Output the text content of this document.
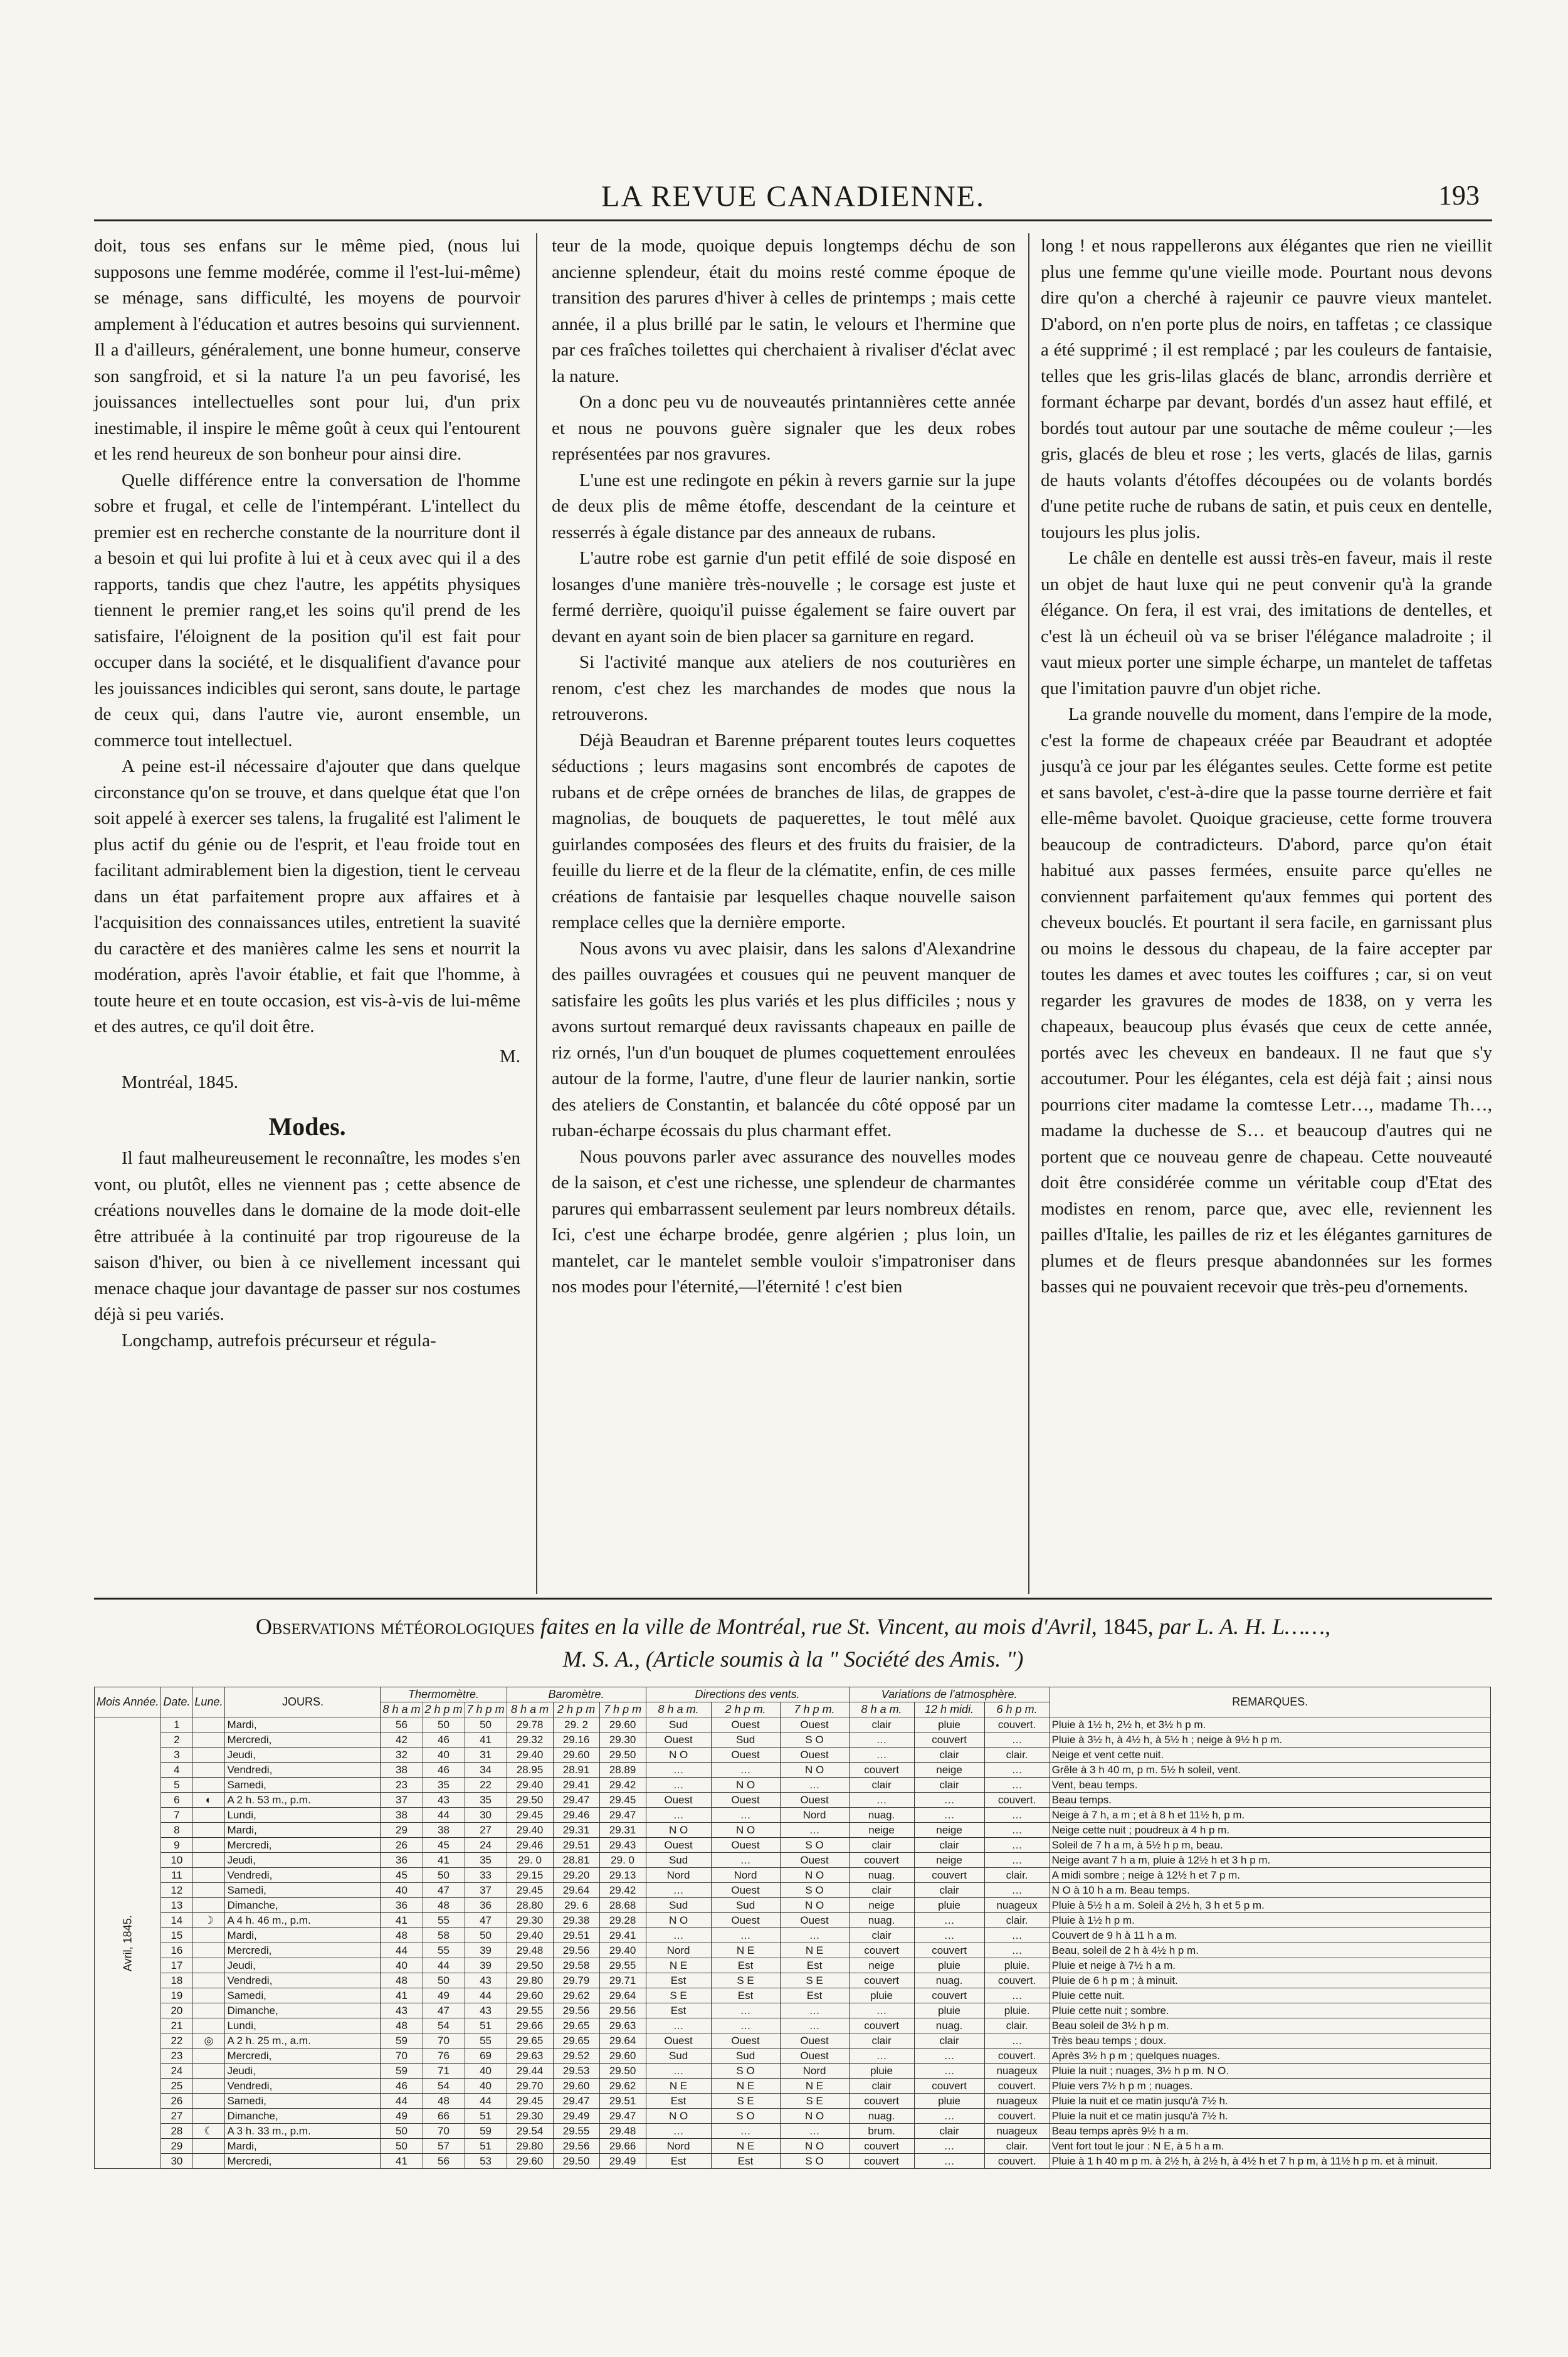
LA REVUE CANADIENNE.	193

doit, tous ses enfans sur le même pied, (nous lui supposons une femme modérée, comme il l'est-lui-même) se ménage, sans difficulté, les moyens de pourvoir amplement à l'éducation et autres besoins qui surviennent. Il a d'ailleurs, généralement, une bonne humeur, conserve son sangfroid, et si la nature l'a un peu favorisé, les jouissances intellectuelles sont pour lui, d'un prix inestimable, il inspire le même goût à ceux qui l'entourent et les rend heureux de son bonheur pour ainsi dire.

Quelle différence entre la conversation de l'homme sobre et frugal, et celle de l'intempérant. L'intellect du premier est en recherche constante de la nourriture dont il a besoin et qui lui profite à lui et à ceux avec qui il a des rapports, tandis que chez l'autre, les appétits physiques tiennent le premier rang,et les soins qu'il prend de les satisfaire, l'éloignent de la position qu'il est fait pour occuper dans la société, et le disqualifient d'avance pour les jouissances indicibles qui seront, sans doute, le partage de ceux qui, dans l'autre vie, auront ensemble, un commerce tout intellectuel.

A peine est-il nécessaire d'ajouter que dans quelque circonstance qu'on se trouve, et dans quelque état que l'on soit appelé à exercer ses talens, la frugalité est l'aliment le plus actif du génie ou de l'esprit, et l'eau froide tout en facilitant admirablement bien la digestion, tient le cerveau dans un état parfaitement propre aux affaires et à l'acquisition des connaissances utiles, entretient la suavité du caractère et des manières calme les sens et nourrit la modération, après l'avoir établie, et fait que l'homme, à toute heure et en toute occasion, est vis-à-vis de lui-même et des autres, ce qu'il doit être.

M.

Montréal, 1845.

Modes.

Il faut malheureusement le reconnaître, les modes s'en vont, ou plutôt, elles ne viennent pas ; cette absence de créations nouvelles dans le domaine de la mode doit-elle être attribuée à la continuité par trop rigoureuse de la saison d'hiver, ou bien à ce nivellement incessant qui menace chaque jour davantage de passer sur nos costumes déjà si peu variés.

Longchamp, autrefois précurseur et régula-

teur de la mode, quoique depuis longtemps déchu de son ancienne splendeur, était du moins resté comme époque de transition des parures d'hiver à celles de printemps ; mais cette année, il a plus brillé par le satin, le velours et l'hermine que par ces fraîches toilettes qui cherchaient à rivaliser d'éclat avec la nature.

On a donc peu vu de nouveautés printannières cette année et nous ne pouvons guère signaler que les deux robes représentées par nos gravures.

L'une est une redingote en pékin à revers garnie sur la jupe de deux plis de même étoffe, descendant de la ceinture et resserrés à égale distance par des anneaux de rubans.

L'autre robe est garnie d'un petit effilé de soie disposé en losanges d'une manière très-nouvelle ; le corsage est juste et fermé derrière, quoiqu'il puisse également se faire ouvert par devant en ayant soin de bien placer sa garniture en regard.

Si l'activité manque aux ateliers de nos couturières en renom, c'est chez les marchandes de modes que nous la retrouverons.

Déjà Beaudran et Barenne préparent toutes leurs coquettes séductions ; leurs magasins sont encombrés de capotes de rubans et de crêpe ornées de branches de lilas, de grappes de magnolias, de bouquets de paquerettes, le tout mêlé aux guirlandes composées des fleurs et des fruits du fraisier, de la feuille du lierre et de la fleur de la clématite, enfin, de ces mille créations de fantaisie par lesquelles chaque nouvelle saison remplace celles que la dernière emporte.

Nous avons vu avec plaisir, dans les salons d'Alexandrine des pailles ouvragées et cousues qui ne peuvent manquer de satisfaire les goûts les plus variés et les plus difficiles ; nous y avons surtout remarqué deux ravissants chapeaux en paille de riz ornés, l'un d'un bouquet de plumes coquettement enroulées autour de la forme, l'autre, d'une fleur de laurier nankin, sortie des ateliers de Constantin, et balancée du côté opposé par un ruban-écharpe écossais du plus charmant effet.

Nous pouvons parler avec assurance des nouvelles modes de la saison, et c'est une richesse, une splendeur de charmantes parures qui embarrassent seulement par leurs nombreux détails. Ici, c'est une écharpe brodée, genre algérien ; plus loin, un mantelet, car le mantelet semble vouloir s'impatroniser dans nos modes pour l'éternité,—l'éternité ! c'est bien

long ! et nous rappellerons aux élégantes que rien ne vieillit plus une femme qu'une vieille mode. Pourtant nous devons dire qu'on a cherché à rajeunir ce pauvre vieux mantelet. D'abord, on n'en porte plus de noirs, en taffetas ; ce classique a été supprimé ; il est remplacé ; par les couleurs de fantaisie, telles que les gris-lilas glacés de blanc, arrondis derrière et formant écharpe par devant, bordés d'un assez haut effilé, et bordés tout autour par une soutache de même couleur ;—les gris, glacés de bleu et rose ; les verts, glacés de lilas, garnis de hauts volants d'étoffes découpées ou de volants bordés d'une petite ruche de rubans de satin, et puis ceux en dentelle, toujours les plus jolis.

Le châle en dentelle est aussi très-en faveur, mais il reste un objet de haut luxe qui ne peut convenir qu'à la grande élégance. On fera, il est vrai, des imitations de dentelles, et c'est là un écheuil où va se briser l'élégance maladroite ; il vaut mieux porter une simple écharpe, un mantelet de taffetas que l'imitation pauvre d'un objet riche.

La grande nouvelle du moment, dans l'empire de la mode, c'est la forme de chapeaux créée par Beaudrant et adoptée jusqu'à ce jour par les élégantes seules. Cette forme est petite et sans bavolet, c'est-à-dire que la passe tourne derrière et fait elle-même bavolet. Quoique gracieuse, cette forme trouvera beaucoup de contradicteurs. D'abord, parce qu'on était habitué aux passes fermées, ensuite parce qu'elles ne conviennent parfaitement qu'aux femmes qui portent des cheveux bouclés. Et pourtant il sera facile, en garnissant plus ou moins le dessous du chapeau, de la faire accepter par toutes les dames et avec toutes les coiffures ; car, si on veut regarder les gravures de modes de 1838, on y verra les chapeaux, beaucoup plus évasés que ceux de cette année, portés avec les cheveux en bandeaux. Il ne faut que s'y accoutumer. Pour les élégantes, cela est déjà fait ; ainsi nous pourrions citer madame la comtesse Letr…, madame Th…, madame la duchesse de S… et beaucoup d'autres qui ne portent que ce nouveau genre de chapeau. Cette nouveauté doit être considérée comme un véritable coup d'Etat des modistes en renom, parce que, avec elle, reviennent les pailles d'Italie, les pailles de riz et les élégantes garnitures de plumes et de fleurs presque abandonnées sur les formes basses qui ne pouvaient recevoir que très-peu d'ornements.

Observations météorologiques faites en la ville de Montréal, rue St. Vincent, au mois d'Avril, 1845, par L. A. H. L……,
M. S. A., (Article soumis à la " Société des Amis. ")
Mois Année.	Date.	Lune.	JOURS.	Thermomètre.			Baromètre.			Directions des vents.			Variations de l'atmosphère.			REMARQUES.
				8 h a m	2 h p m	7 h p m	8 h a m	2 h p m	7 h p m	8 h a m.	2 h p m.	7 h p m.	8 h a m.	12 h midi.	6 h p m.	
Avril, 1845.	1		Mardi,	56	50	50	29.78	29. 2	29.60	Sud	Ouest	Ouest	clair	pluie	couvert.	Pluie à 1½ h, 2½ h, et 3½ h p m.
	2		Mercredi,	42	46	41	29.32	29.16	29.30	Ouest	Sud	S O	…	couvert	…	Pluie à 3½ h, à 4½ h, à 5½ h ; neige à 9½ h p m.
	3		Jeudi,	32	40	31	29.40	29.60	29.50	N O	Ouest	Ouest	…	clair	clair.	Neige et vent cette nuit.
	4		Vendredi,	38	46	34	28.95	28.91	28.89	…	…	N O	couvert	neige	…	Grêle à 3 h 40 m, p m. 5½ h soleil, vent.
	5		Samedi,	23	35	22	29.40	29.41	29.42	…	N O	…	clair	clair	…	Vent, beau temps.
	6	◐	A 2 h. 53 m., p.m.	37	43	35	29.50	29.47	29.45	Ouest	Ouest	Ouest	…	…	couvert.	Beau temps.
	7		Lundi,	38	44	30	29.45	29.46	29.47	…	…	Nord	nuag.	…	…	Neige à 7 h, a m ; et à 8 h et 11½ h, p m.
	8		Mardi,	29	38	27	29.40	29.31	29.31	N O	N O	…	neige	neige	…	Neige cette nuit ; poudreux à 4 h p m.
	9		Mercredi,	26	45	24	29.46	29.51	29.43	Ouest	Ouest	S O	clair	clair	…	Soleil de 7 h a m, à 5½ h p m, beau.
	10		Jeudi,	36	41	35	29. 0	28.81	29. 0	Sud	…	Ouest	couvert	neige	…	Neige avant 7 h a m, pluie à 12½ h et 3 h p m.
	11		Vendredi,	45	50	33	29.15	29.20	29.13	Nord	Nord	N O	nuag.	couvert	clair.	A midi sombre ; neige à 12½ h et 7 p m.
	12		Samedi,	40	47	37	29.45	29.64	29.42	…	Ouest	S O	clair	clair	…	N O à 10 h a m. Beau temps.
	13		Dimanche,	36	48	36	28.80	29. 6	28.68	Sud	Sud	N O	neige	pluie	nuageux	Pluie à 5½ h a m. Soleil à 2½ h, 3 h et 5 p m.
	14	☽	A 4 h. 46 m., p.m.	41	55	47	29.30	29.38	29.28	N O	Ouest	Ouest	nuag.	…	clair.	Pluie à 1½ h p m.
	15		Mardi,	48	58	50	29.40	29.51	29.41	…	…	…	clair	…	…	Couvert de 9 h à 11 h a m.
	16		Mercredi,	44	55	39	29.48	29.56	29.40	Nord	N E	N E	couvert	couvert	…	Beau, soleil de 2 h à 4½ h p m.
	17		Jeudi,	40	44	39	29.50	29.58	29.55	N E	Est	Est	neige	pluie	pluie.	Pluie et neige à 7½ h a m.
	18		Vendredi,	48	50	43	29.80	29.79	29.71	Est	S E	S E	couvert	nuag.	couvert.	Pluie de 6 h p m ; à minuit.
	19		Samedi,	41	49	44	29.60	29.62	29.64	S E	Est	Est	pluie	couvert	…	Pluie cette nuit.
	20		Dimanche,	43	47	43	29.55	29.56	29.56	Est	…	…	…	pluie	pluie.	Pluie cette nuit ; sombre.
	21		Lundi,	48	54	51	29.66	29.65	29.63	…	…	…	couvert	nuag.	clair.	Beau soleil de 3½ h p m.
	22	◎	A 2 h. 25 m., a.m.	59	70	55	29.65	29.65	29.64	Ouest	Ouest	Ouest	clair	clair	…	Très beau temps ; doux.
	23		Mercredi,	70	76	69	29.63	29.52	29.60	Sud	Sud	Ouest	…	…	couvert.	Après 3½ h p m ; quelques nuages.
	24		Jeudi,	59	71	40	29.44	29.53	29.50	…	S O	Nord	pluie	…	nuageux	Pluie la nuit ; nuages, 3½ h p m. N O.
	25		Vendredi,	46	54	40	29.70	29.60	29.62	N E	N E	N E	clair	couvert	couvert.	Pluie vers 7½ h p m ; nuages.
	26		Samedi,	44	48	44	29.45	29.47	29.51	Est	S E	S E	couvert	pluie	nuageux	Pluie la nuit et ce matin jusqu'à 7½ h.
	27		Dimanche,	49	66	51	29.30	29.49	29.47	N O	S O	N O	nuag.	…	couvert.	Pluie la nuit et ce matin jusqu'à 7½ h.
	28	☾	A 3 h. 33 m., p.m.	50	70	59	29.54	29.55	29.48	…	…	…	brum.	clair	nuageux	Beau temps après 9½ h a m.
	29		Mardi,	50	57	51	29.80	29.56	29.66	Nord	N E	N O	couvert	…	clair.	Vent fort tout le jour : N E, à 5 h a m.
	30		Mercredi,	41	56	53	29.60	29.50	29.49	Est	Est	S O	couvert	…	couvert.	Pluie à 1 h 40 m p m. à 2½ h, à 2½ h, à 4½ h et 7 h p m, à 11½ h p m. et à minuit.
